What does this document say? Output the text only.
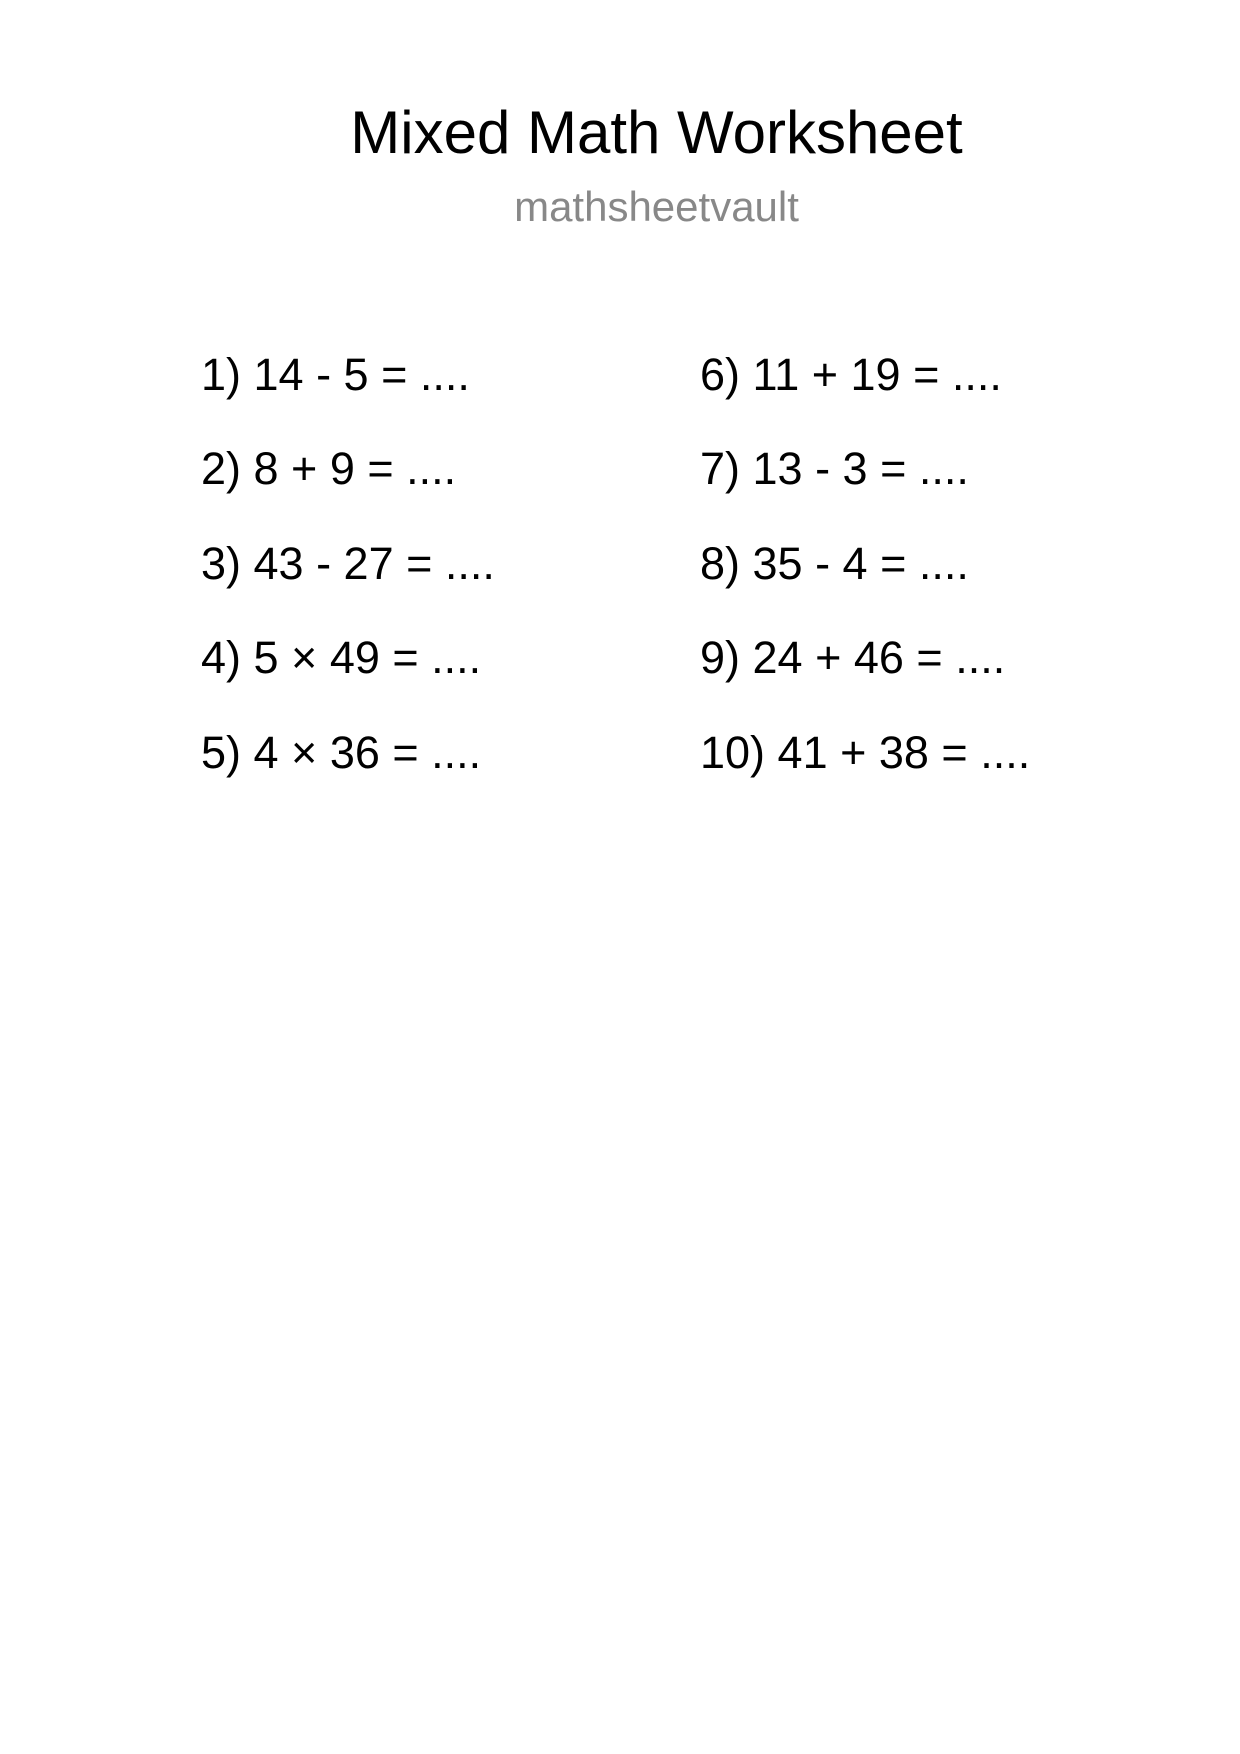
Mixed Math Worksheet
mathsheetvault
1) 14 - 5 = ....
2) 8 + 9 = ....
3) 43 - 27 = ....
4) 5 × 49 = ....
5) 4 × 36 = ....
6) 11 + 19 = ....
7) 13 - 3 = ....
8) 35 - 4 = ....
9) 24 + 46 = ....
10) 41 + 38 = ....
